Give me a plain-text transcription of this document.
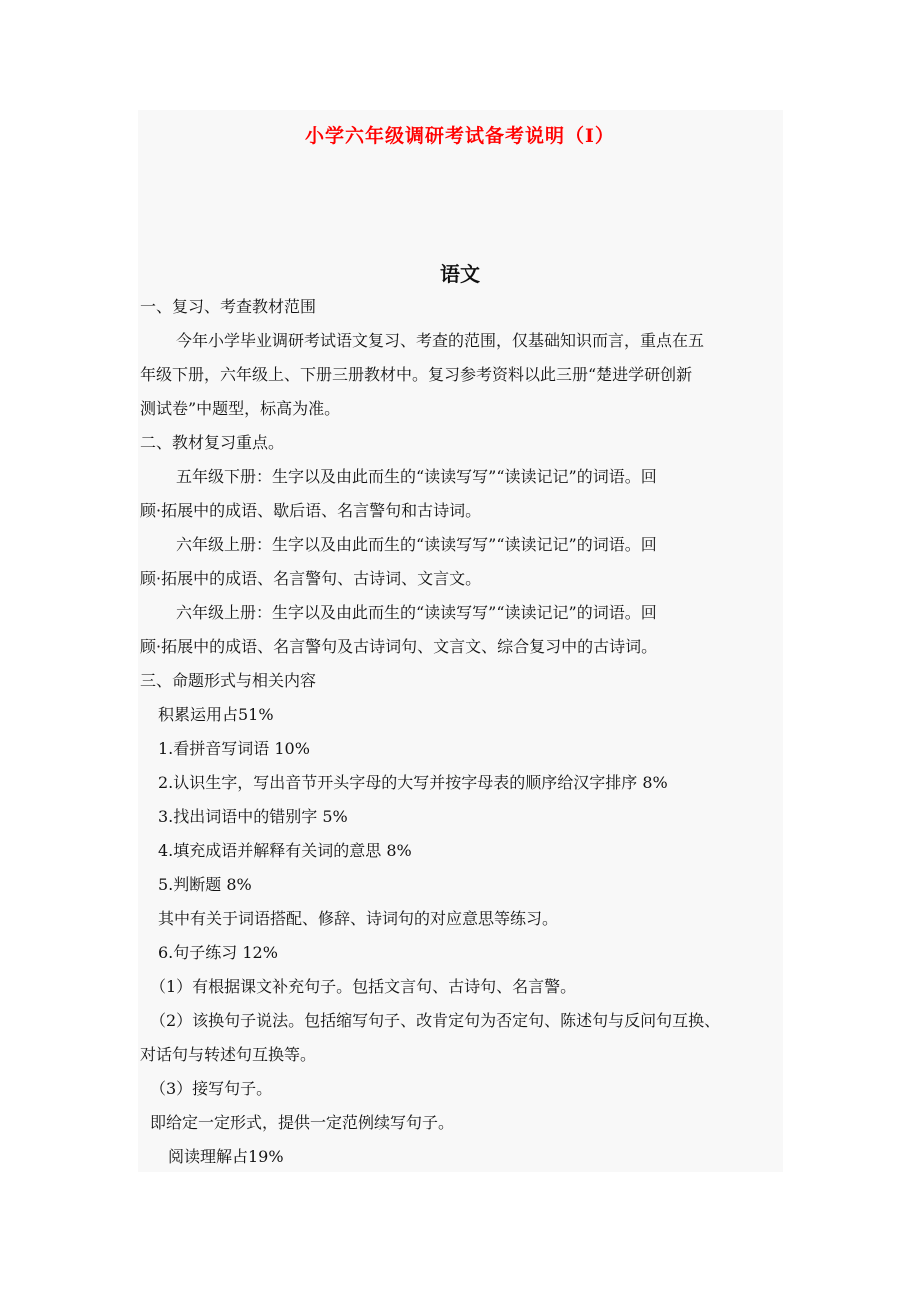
小学六年级调研考试备考说明（I）
语文
一、复习、考查教材范围
今年小学毕业调研考试语文复习、考查的范围，仅基础知识而言，重点在五
年级下册，六年级上、下册三册教材中。复习参考资料以此三册“楚进学研创新
测试卷”中题型，标高为准。
二、教材复习重点。
五年级下册：生字以及由此而生的“读读写写”“读读记记”的词语。回
顾·拓展中的成语、歇后语、名言警句和古诗词。
六年级上册：生字以及由此而生的“读读写写”“读读记记”的词语。回
顾·拓展中的成语、名言警句、古诗词、文言文。
六年级上册：生字以及由此而生的“读读写写”“读读记记”的词语。回
顾·拓展中的成语、名言警句及古诗词句、文言文、综合复习中的古诗词。
三、命题形式与相关内容
积累运用占51%
1.看拼音写词语 10%
2.认识生字，写出音节开头字母的大写并按字母表的顺序给汉字排序 8%
3.找出词语中的错别字 5%
4.填充成语并解释有关词的意思 8%
5.判断题 8%
其中有关于词语搭配、修辞、诗词句的对应意思等练习。
6.句子练习 12%
（1）有根据课文补充句子。包括文言句、古诗句、名言警。
（2）该换句子说法。包括缩写句子、改肯定句为否定句、陈述句与反问句互换、
对话句与转述句互换等。
（3）接写句子。
即给定一定形式，提供一定范例续写句子。
阅读理解占19%
